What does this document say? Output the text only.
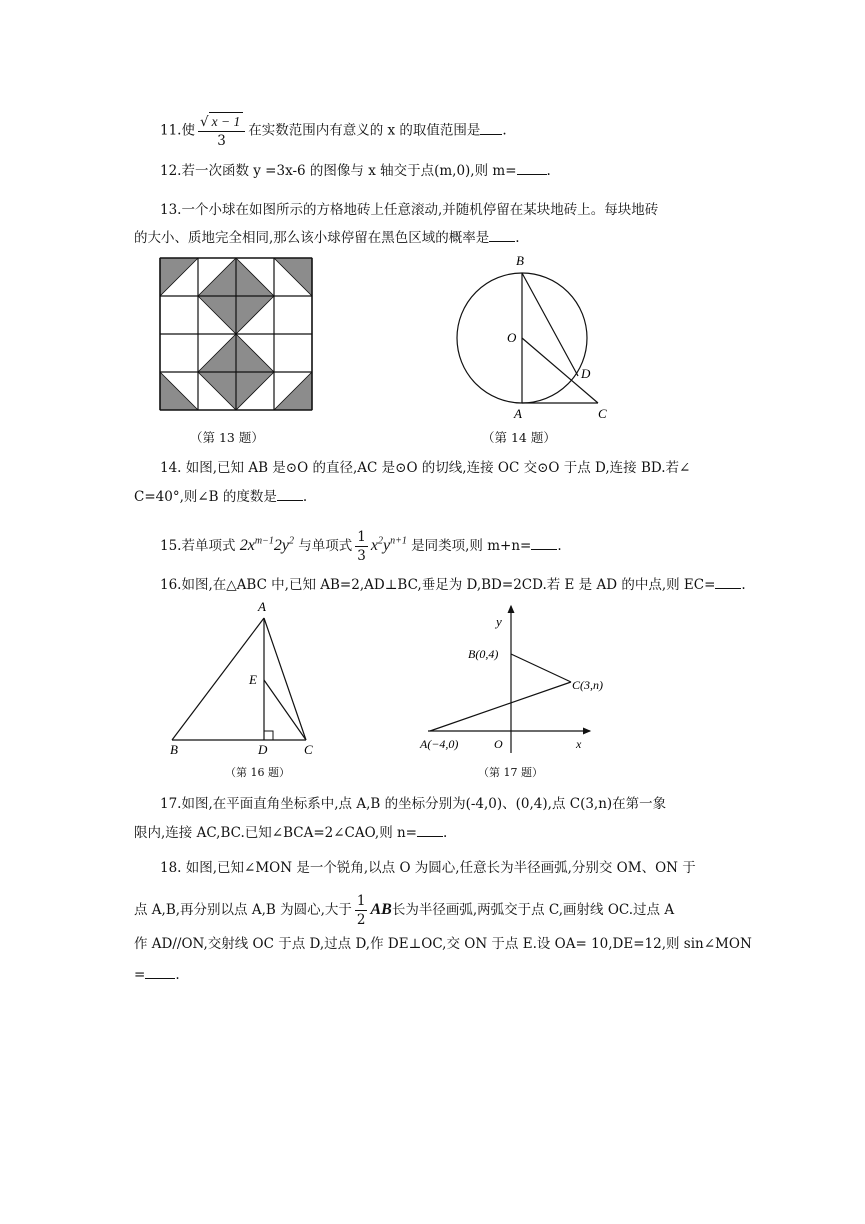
11.使 $\frac{√ x - 1}{3}$ 在实数范围内有意义的 x 的取值范围是 .
12.若一次函数 y =3x-6 的图像与 x 轴交于点(m,0),则 m= .
13.一个小球在如图所示的方格地砖上任意滚动,并随机停留在某块地砖上。每块地砖
的大小、质地完全相同,那么该小球停留在黑色区域的概率是 .
（第 13 题）
B
O
D
A	C
（第 14 题）
14. 如图,已知 AB 是⊙O 的直径,AC 是⊙O 的切线,连接 OC 交⊙O 于点 D,连接 BD.若∠
C=40°,则∠B 的度数是 .
15.若单项式 $2x^{m-1}2y^2$ 与单项式 $\frac{1}{3} x^2y^{n+1}$ 是同类项,则 m+n= .
16.如图,在△ABC 中,已知 AB=2,AD⊥BC,垂足为 D,BD=2CD.若 E 是 AD 的中点,则 EC= .
A
E
B	D	C
（第 16 题）
y
B(0,4)
C(3,n)
A(−4,0)	O	x
（第 17 题）
17.如图,在平面直角坐标系中,点 A,B 的坐标分别为(-4,0)、(0,4),点 C(3,n)在第一象
限内,连接 AC,BC.已知∠BCA=2∠CAO,则 n= .
18. 如图,已知∠MON 是一个锐角,以点 O 为圆心,任意长为半径画弧,分别交 OM、ON 于
点 A,B,再分别以点 A,B 为圆心,大于 $\frac{1}{2}$ AB长为半径画弧,两弧交于点 C,画射线 OC.过点 A
作 AD//ON,交射线 OC 于点 D,过点 D,作 DE⊥OC,交 ON 于点 E.设 OA= 10,DE=12,则 sin∠MON
= .
